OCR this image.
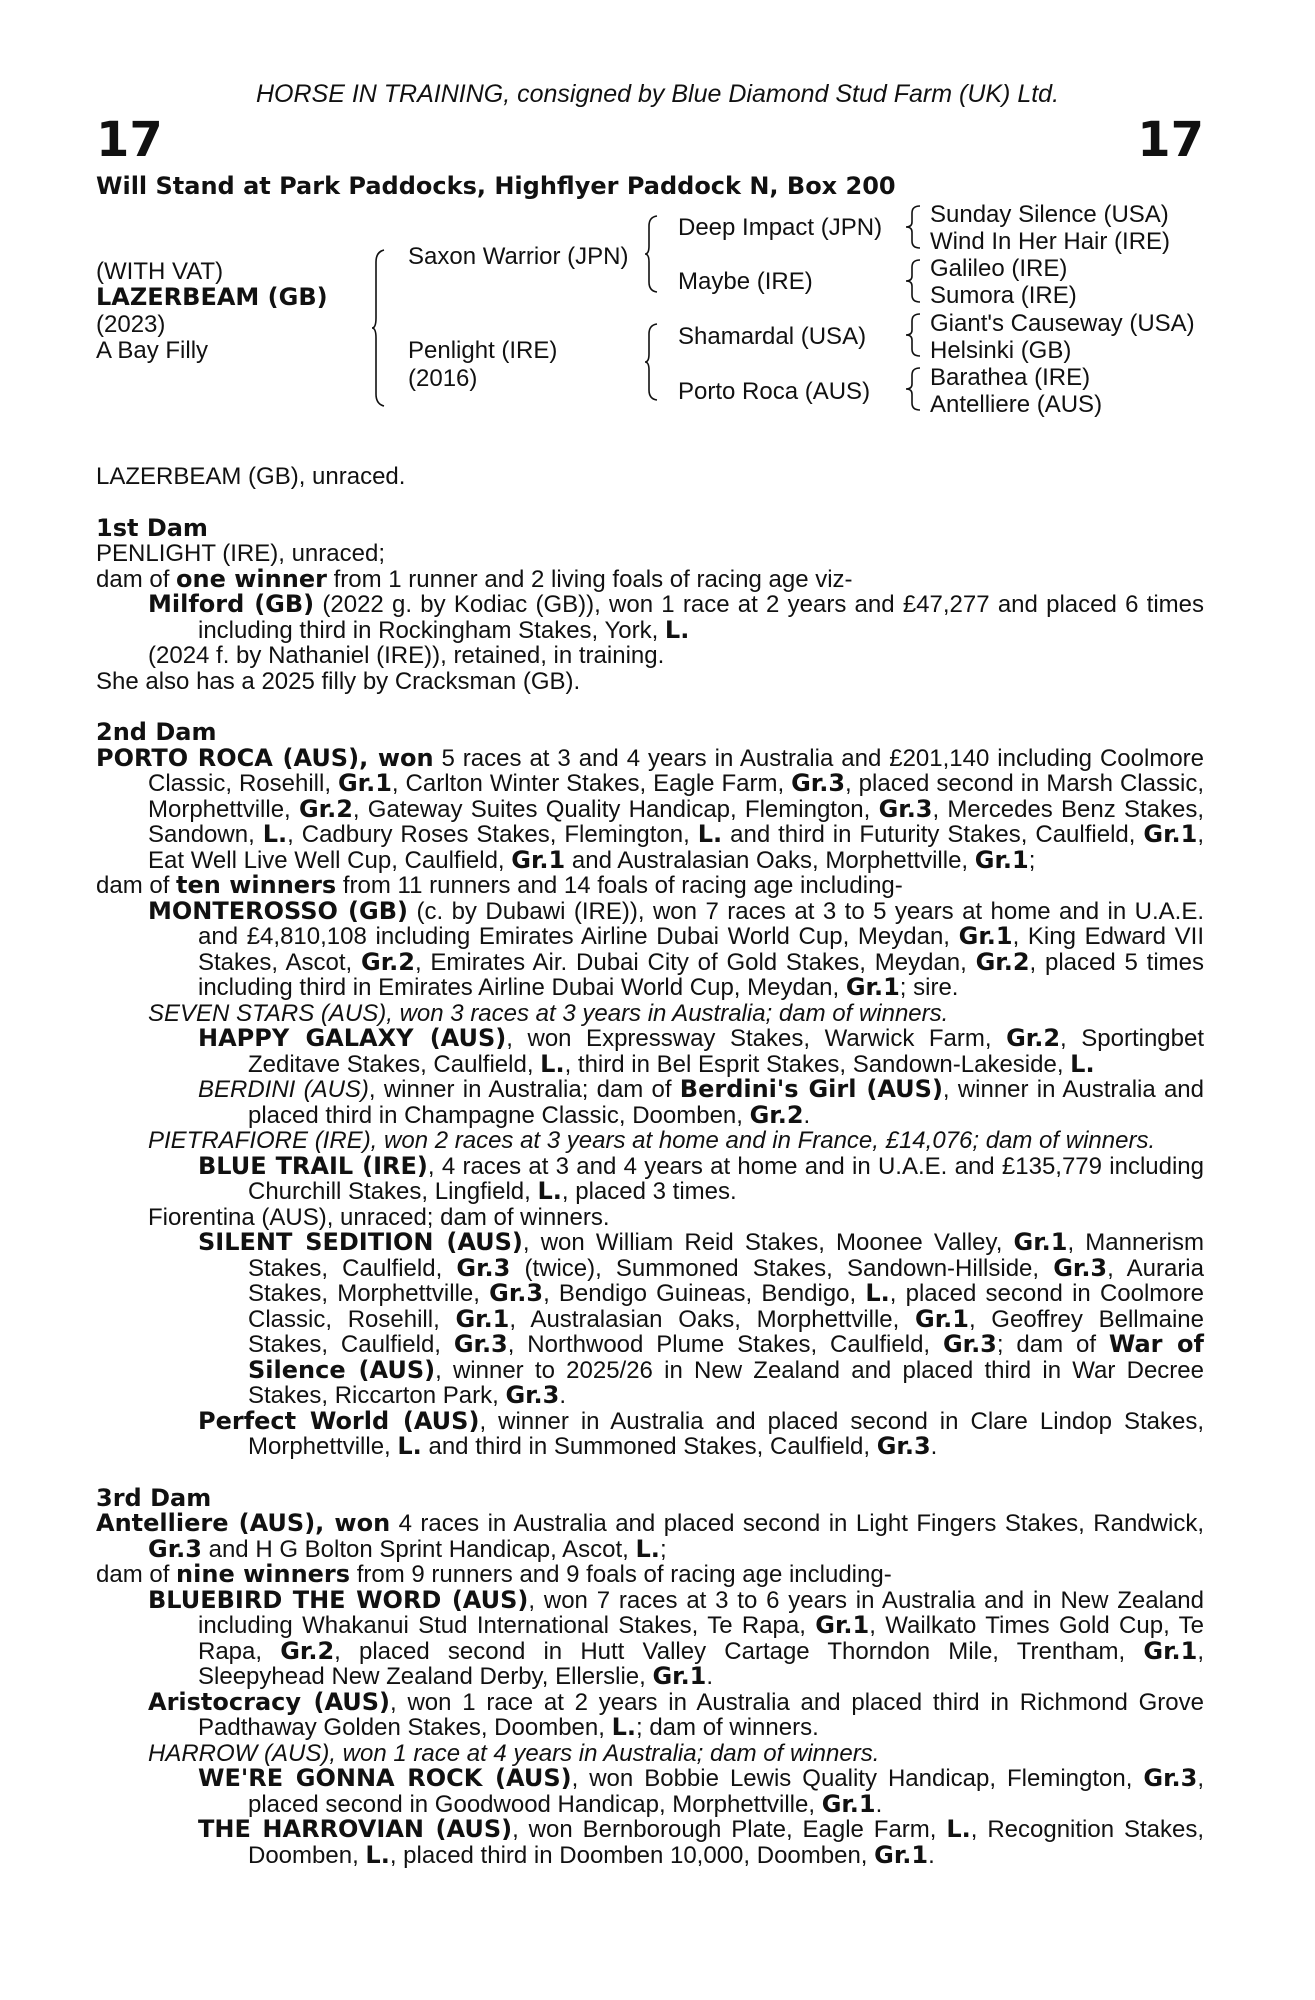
HORSE IN TRAINING, consigned by Blue Diamond Stud Farm (UK) Ltd.
17	17
Will Stand at Park Paddocks, Highflyer Paddock N, Box 200
(WITH VAT)
LAZERBEAM (GB)
(2023)
A Bay Filly
Saxon Warrior (JPN)
Penlight (IRE)
(2016)
Deep Impact (JPN)
Maybe (IRE)
Shamardal (USA)
Porto Roca (AUS)
Sunday Silence (USA)
Wind In Her Hair (IRE)
Galileo (IRE)
Sumora (IRE)
Giant's Causeway (USA)
Helsinki (GB)
Barathea (IRE)
Antelliere (AUS)

LAZERBEAM (GB), unraced.

1st Dam

PENLIGHT (IRE), unraced;

dam of one winner from 1 runner and 2 living foals of racing age viz-

Milford (GB) (2022 g. by Kodiac (GB)), won 1 race at 2 years and £47,277 and placed 6 times including third in Rockingham Stakes, York, L.

(2024 f. by Nathaniel (IRE)), retained, in training.

She also has a 2025 filly by Cracksman (GB).

2nd Dam

PORTO ROCA (AUS), won 5 races at 3 and 4 years in Australia and £201,140 including Coolmore Classic, Rosehill, Gr.1, Carlton Winter Stakes, Eagle Farm, Gr.3, placed second in Marsh Classic, Morphettville, Gr.2, Gateway Suites Quality Handicap, Flemington, Gr.3, Mercedes Benz Stakes, Sandown, L., Cadbury Roses Stakes, Flemington, L. and third in Futurity Stakes, Caulfield, Gr.1, Eat Well Live Well Cup, Caulfield, Gr.1 and Australasian Oaks, Morphettville, Gr.1;

dam of ten winners from 11 runners and 14 foals of racing age including-

MONTEROSSO (GB) (c. by Dubawi (IRE)), won 7 races at 3 to 5 years at home and in U.A.E. and £4,810,108 including Emirates Airline Dubai World Cup, Meydan, Gr.1, King Edward VII Stakes, Ascot, Gr.2, Emirates Air. Dubai City of Gold Stakes, Meydan, Gr.2, placed 5 times including third in Emirates Airline Dubai World Cup, Meydan, Gr.1; sire.

SEVEN STARS (AUS), won 3 races at 3 years in Australia; dam of winners.

HAPPY GALAXY (AUS), won Expressway Stakes, Warwick Farm, Gr.2, Sportingbet Zeditave Stakes, Caulfield, L., third in Bel Esprit Stakes, Sandown-Lakeside, L.

BERDINI (AUS), winner in Australia; dam of Berdini's Girl (AUS), winner in Australia and placed third in Champagne Classic, Doomben, Gr.2.

PIETRAFIORE (IRE), won 2 races at 3 years at home and in France, £14,076; dam of winners.

BLUE TRAIL (IRE), 4 races at 3 and 4 years at home and in U.A.E. and £135,779 including Churchill Stakes, Lingfield, L., placed 3 times.

Fiorentina (AUS), unraced; dam of winners.

SILENT SEDITION (AUS), won William Reid Stakes, Moonee Valley, Gr.1, Mannerism Stakes, Caulfield, Gr.3 (twice), Summoned Stakes, Sandown-Hillside, Gr.3, Auraria Stakes, Morphettville, Gr.3, Bendigo Guineas, Bendigo, L., placed second in Coolmore Classic, Rosehill, Gr.1, Australasian Oaks, Morphettville, Gr.1, Geoffrey Bellmaine Stakes, Caulfield, Gr.3, Northwood Plume Stakes, Caulfield, Gr.3; dam of War of Silence (AUS), winner to 2025/26 in New Zealand and placed third in War Decree Stakes, Riccarton Park, Gr.3.

Perfect World (AUS), winner in Australia and placed second in Clare Lindop Stakes, Morphettville, L. and third in Summoned Stakes, Caulfield, Gr.3.

3rd Dam

Antelliere (AUS), won 4 races in Australia and placed second in Light Fingers Stakes, Randwick, Gr.3 and H G Bolton Sprint Handicap, Ascot, L.;

dam of nine winners from 9 runners and 9 foals of racing age including-

BLUEBIRD THE WORD (AUS), won 7 races at 3 to 6 years in Australia and in New Zealand including Whakanui Stud International Stakes, Te Rapa, Gr.1, Wailkato Times Gold Cup, Te Rapa, Gr.2, placed second in Hutt Valley Cartage Thorndon Mile, Trentham, Gr.1, Sleepyhead New Zealand Derby, Ellerslie, Gr.1.

Aristocracy (AUS), won 1 race at 2 years in Australia and placed third in Richmond Grove Padthaway Golden Stakes, Doomben, L.; dam of winners.

HARROW (AUS), won 1 race at 4 years in Australia; dam of winners.

WE'RE GONNA ROCK (AUS), won Bobbie Lewis Quality Handicap, Flemington, Gr.3, placed second in Goodwood Handicap, Morphettville, Gr.1.

THE HARROVIAN (AUS), won Bernborough Plate, Eagle Farm, L., Recognition Stakes, Doomben, L., placed third in Doomben 10,000, Doomben, Gr.1.
